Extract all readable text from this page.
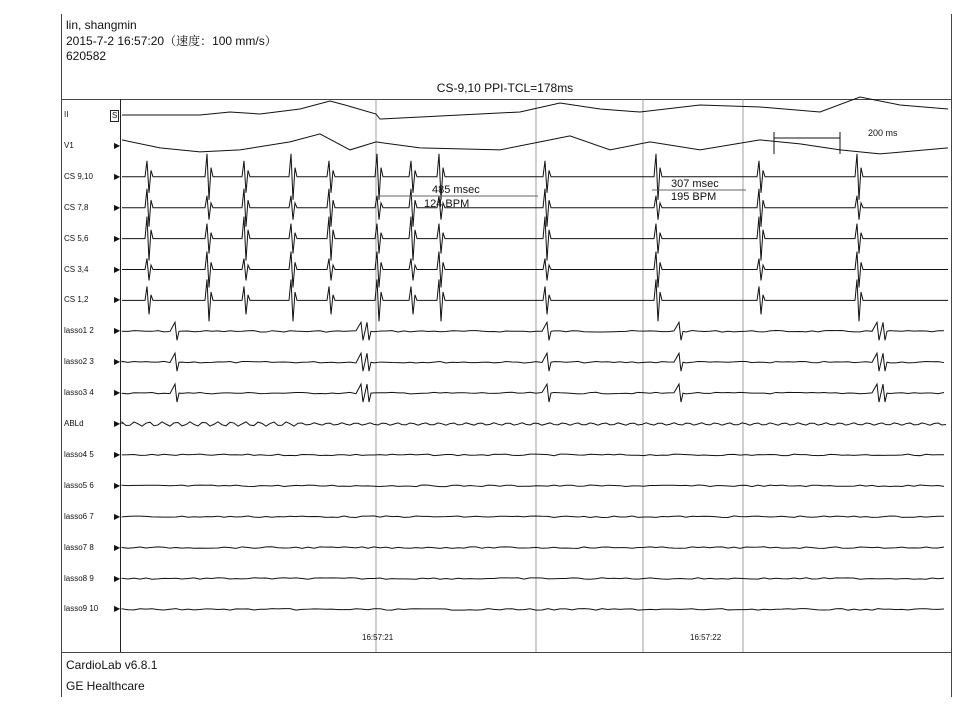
lin, shangmin
2015-7-2 16:57:20（速度：100 mm/s）
620582
CS-9,10 PPI-TCL=178ms
II	S
V1	▶
CS 9,10	▶
CS 7,8	▶
CS 5,6	▶
CS 3,4	▶
CS 1,2	▶
lasso1 2	▶
lasso2 3	▶
lasso3 4	▶
ABLd	▶
lasso4 5	▶
lasso5 6	▶
lasso6 7	▶
lasso7 8	▶
lasso8 9	▶
lasso9 10 ▶
485 msec
124 BPM
307 msec
195 BPM
200 ms
16:57:21	16:57:22
CardioLab v6.8.1
GE Healthcare
